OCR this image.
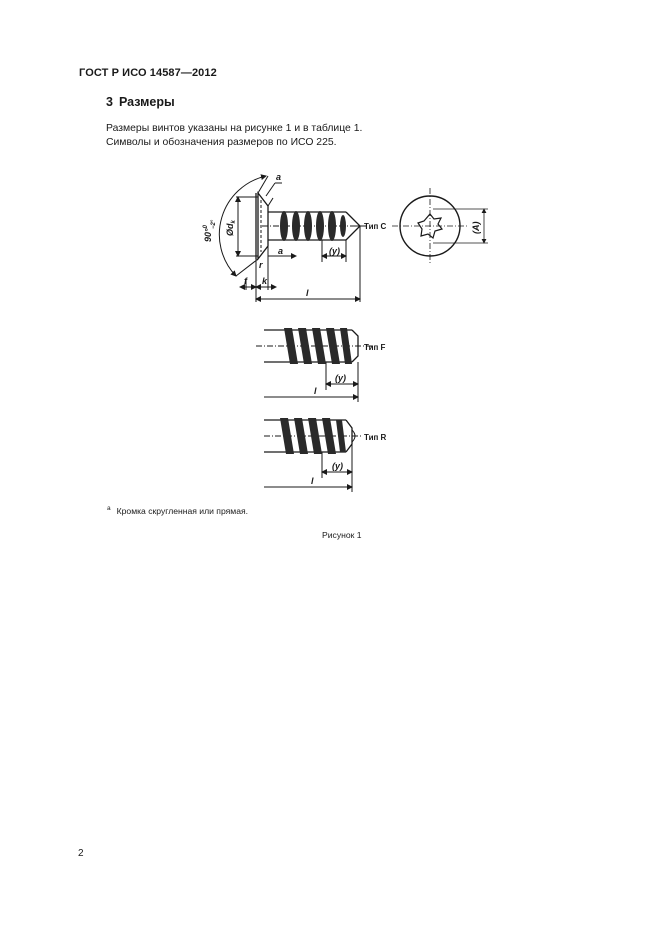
ГОСТ Р ИСО 14587—2012
3 Размеры
Размеры винтов указаны на рисунке 1 и в таблице 1.
Символы и обозначения размеров по ИСО 225.
Тип C
a
r
a	(y)
f k
l
$Ød_k$
90°$^0$ −2°	(A)
Тип F
(y)
l
Тип R
(y)
l
$^a$ Кромка скругленная или прямая.
Рисунок 1
2
